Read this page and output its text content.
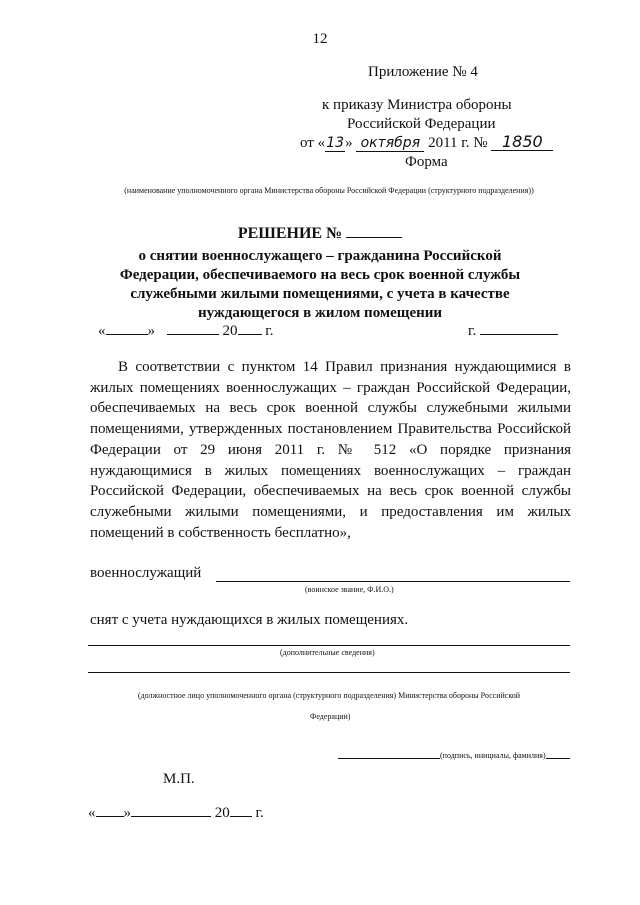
12
Приложение № 4
к приказу Министра обороны
Российской Федерации
от «13» октября 2011 г. № 1850
Форма
(наименование уполномоченного органа Министерства обороны Российской Федерации (структурного подразделения))
РЕШЕНИЕ №
о снятии военнослужащего – гражданина Российской Федерации, обеспечиваемого на весь срок военной службы служебными жилыми помещениями, с учета в качестве нуждающегося в жилом помещении
«	»	20 г.	г.

В соответствии с пунктом 14 Правил признания нуждающимися в жилых помещениях военнослужащих – граждан Российской Федерации, обеспечиваемых на весь срок военной службы служебными жилыми помещениями, утвержденных постановлением Правительства Российской Федерации от 29 июня 2011 г. № 512 «О порядке признания нуждающимися в жилых помещениях военнослужащих – граждан Российской Федерации, обеспечиваемых на весь срок военной службы служебными жилыми помещениями, и предоставления им жилых помещений в собственность бесплатно»,

военнослужащий
(воинское звание, Ф.И.О.)
снят с учета нуждающихся в жилых помещениях.
(дополнительные сведения)
(должностное лицо уполномоченного органа (структурного подразделения) Министерства обороны Российской
Федерации)
(подпись, инициалы, фамилия)
М.П.
« »	20 г.
